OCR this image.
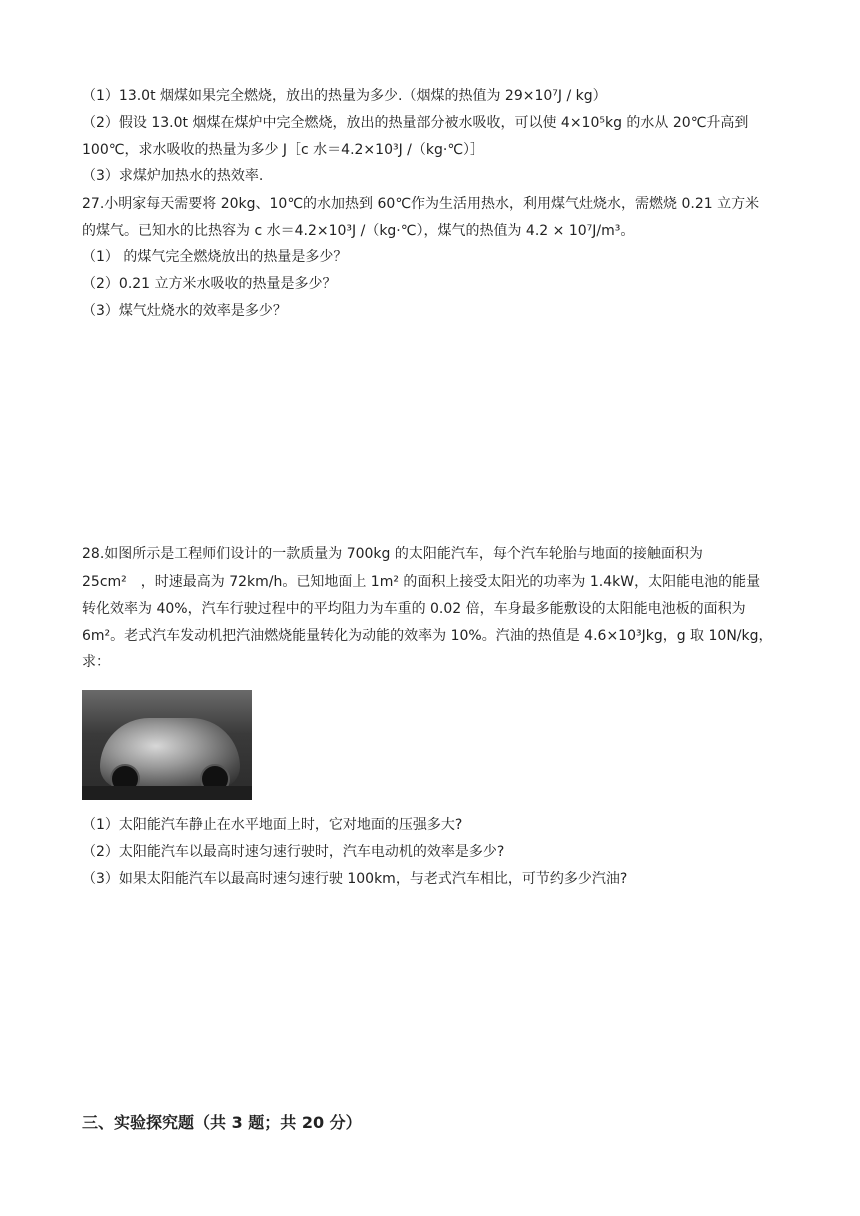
（1）13.0t 烟煤如果完全燃烧，放出的热量为多少.（烟煤的热值为 29×10⁷J / kg）
（2）假设 13.0t 烟煤在煤炉中完全燃烧，放出的热量部分被水吸收，可以使 4×10⁵kg 的水从 20℃升高到
100℃，求水吸收的热量为多少 J［c 水＝4.2×10³J /（kg·℃）］
（3）求煤炉加热水的热效率.
27.小明家每天需要将 20kg、10℃的水加热到 60℃作为生活用热水，利用煤气灶烧水，需燃烧 0.21 立方米
的煤气。已知水的比热容为 c 水＝4.2×10³J /（kg·℃），煤气的热值为 4.2 × 10⁷J/m³。
（1） 的煤气完全燃烧放出的热量是多少？
（2）0.21 立方米水吸收的热量是多少？
（3）煤气灶烧水的效率是多少？
28.如图所示是工程师们设计的一款质量为 700kg 的太阳能汽车，每个汽车轮胎与地面的接触面积为
25cm²　，时速最高为 72km/h。已知地面上 1m² 的面积上接受太阳光的功率为 1.4kW，太阳能电池的能量
转化效率为 40%，汽车行驶过程中的平均阻力为车重的 0.02 倍，车身最多能敷设的太阳能电池板的面积为
6m²。老式汽车发动机把汽油燃烧能量转化为动能的效率为 10%。汽油的热值是 4.6×10³Jkg，g 取 10N/kg，
求：
（1）太阳能汽车静止在水平地面上时，它对地面的压强多大?
（2）太阳能汽车以最高时速匀速行驶时，汽车电动机的效率是多少?
（3）如果太阳能汽车以最高时速匀速行驶 100km，与老式汽车相比，可节约多少汽油?
三、实验探究题（共 3 题；共 20 分）
